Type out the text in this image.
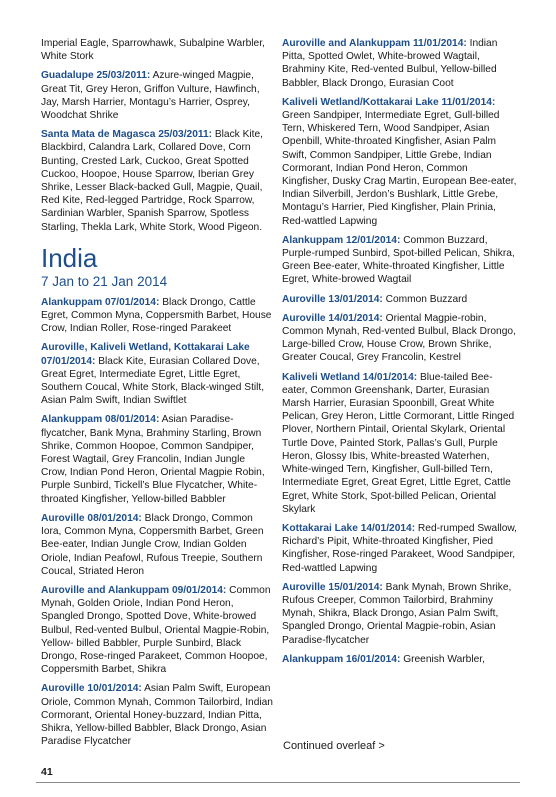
Imperial Eagle, Sparrowhawk, Subalpine Warbler, White Stork
Guadalupe 25/03/2011: Azure-winged Magpie, Great Tit, Grey Heron, Griffon Vulture, Hawfinch, Jay, Marsh Harrier, Montagu’s Harrier, Osprey, Woodchat Shrike
Santa Mata de Magasca 25/03/2011: Black Kite, Blackbird, Calandra Lark, Collared Dove, Corn Bunting, Crested Lark, Cuckoo, Great Spotted Cuckoo, Hoopoe, House Sparrow, Iberian Grey Shrike, Lesser Black-backed Gull, Magpie, Quail, Red Kite, Red-legged Partridge, Rock Sparrow, Sardinian Warbler, Spanish Sparrow, Spotless Starling, Thekla Lark, White Stork, Wood Pigeon.
India
7 Jan to 21 Jan 2014
Alankuppam 07/01/2014: Black Drongo, Cattle Egret, Common Myna, Coppersmith Barbet, House Crow, Indian Roller, Rose-ringed Parakeet
Auroville, Kaliveli Wetland, Kottakarai Lake 07/01/2014: Black Kite, Eurasian Collared Dove, Great Egret, Intermediate Egret, Little Egret, Southern Coucal, White Stork, Black-winged Stilt, Asian Palm Swift, Indian Swiftlet
Alankuppam 08/01/2014: Asian Paradise-flycatcher, Bank Myna, Brahminy Starling, Brown Shrike, Common Hoopoe, Common Sandpiper, Forest Wagtail, Grey Francolin, Indian Jungle Crow, Indian Pond Heron, Oriental Magpie Robin, Purple Sunbird, Tickell’s Blue Flycatcher, White-throated Kingfisher, Yellow-billed Babbler
Auroville 08/01/2014: Black Drongo, Common Iora, Common Myna, Coppersmith Barbet, Green Bee-eater, Indian Jungle Crow, Indian Golden Oriole, Indian Peafowl, Rufous Treepie, Southern Coucal, Striated Heron
Auroville and Alankuppam 09/01/2014: Common Mynah, Golden Oriole, Indian Pond Heron, Spangled Drongo, Spotted Dove, White-browed Bulbul, Red-vented Bulbul, Oriental Magpie-Robin, Yellow- billed Babbler, Purple Sunbird, Black Drongo, Rose-ringed Parakeet, Common Hoopoe, Coppersmith Barbet, Shikra
Auroville 10/01/2014: Asian Palm Swift, European Oriole, Common Mynah, Common Tailorbird, Indian Cormorant, Oriental Honey-buzzard, Indian Pitta, Shikra, Yellow-billed Babbler, Black Drongo, Asian Paradise Flycatcher
Auroville and Alankuppam 11/01/2014: Indian Pitta, Spotted Owlet, White-browed Wagtail, Brahminy Kite, Red-vented Bulbul, Yellow-billed Babbler, Black Drongo, Eurasian Coot
Kaliveli Wetland/Kottakarai Lake 11/01/2014: Green Sandpiper, Intermediate Egret, Gull-billed Tern, Whiskered Tern, Wood Sandpiper, Asian Openbill, White-throated Kingfisher, Asian Palm Swift, Common Sandpiper, Little Grebe, Indian Cormorant, Indian Pond Heron, Common Kingfisher, Dusky Crag Martin, European Bee-eater, Indian Silverbill, Jerdon’s Bushlark, Little Grebe, Montagu’s Harrier, Pied Kingfisher, Plain Prinia, Red-wattled Lapwing
Alankuppam 12/01/2014: Common Buzzard, Purple-rumped Sunbird, Spot-billed Pelican, Shikra, Green Bee-eater, White-throated Kingfisher, Little Egret, White-browed Wagtail
Auroville 13/01/2014: Common Buzzard
Auroville 14/01/2014: Oriental Magpie-robin, Common Mynah, Red-vented Bulbul, Black Drongo, Large-billed Crow, House Crow, Brown Shrike, Greater Coucal, Grey Francolin, Kestrel
Kaliveli Wetland 14/01/2014: Blue-tailed Bee-eater, Common Greenshank, Darter, Eurasian Marsh Harrier, Eurasian Spoonbill, Great White Pelican, Grey Heron, Little Cormorant, Little Ringed Plover, Northern Pintail, Oriental Skylark, Oriental Turtle Dove, Painted Stork, Pallas’s Gull, Purple Heron, Glossy Ibis, White-breasted Waterhen, White-winged Tern, Kingfisher, Gull-billed Tern, Intermediate Egret, Great Egret, Little Egret, Cattle Egret, White Stork, Spot-billed Pelican, Oriental Skylark
Kottakarai Lake 14/01/2014: Red-rumped Swallow, Richard’s Pipit, White-throated Kingfisher, Pied Kingfisher, Rose-ringed Parakeet, Wood Sandpiper, Red-wattled Lapwing
Auroville 15/01/2014: Bank Mynah, Brown Shrike, Rufous Creeper, Common Tailorbird, Brahminy Mynah, Shikra, Black Drongo, Asian Palm Swift, Spangled Drongo, Oriental Magpie-robin, Asian Paradise-flycatcher
Alankuppam 16/01/2014: Greenish Warbler,
Continued overleaf >
41
